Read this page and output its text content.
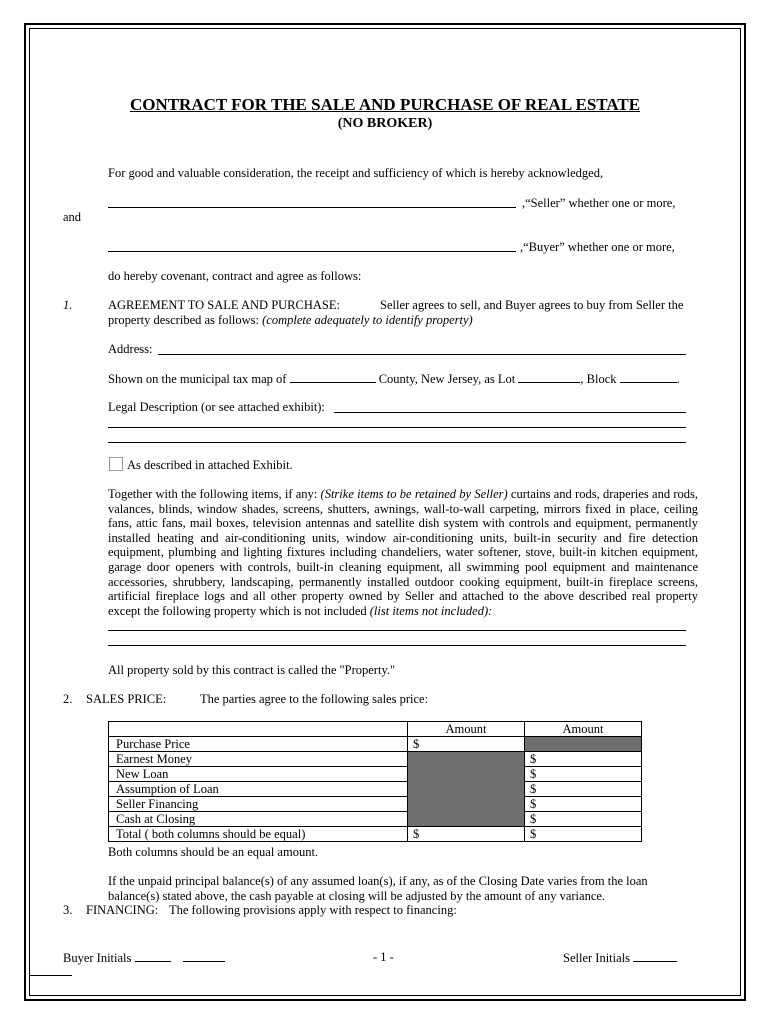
CONTRACT FOR THE SALE AND PURCHASE OF REAL ESTATE
(NO BROKER)
For good and valuable consideration, the receipt and sufficiency of which is hereby acknowledged,
,“Seller” whether one or more,
and
,“Buyer” whether one or more,
do hereby covenant, contract and agree as follows:
1.	AGREEMENT TO SALE AND PURCHASE:	Seller agrees to sell, and Buyer agrees to buy from Seller the
property described as follows: (complete adequately to identify property)
Address:
Shown on the municipal tax map of	County, New Jersey, as Lot	, Block	.
Legal Description (or see attached exhibit):
As described in attached Exhibit.
Together with the following items, if any: (Strike items to be retained by Seller) curtains and rods, draperies and rods, valances, blinds, window shades, screens, shutters, awnings, wall-to-wall carpeting, mirrors fixed in place, ceiling fans, attic fans, mail boxes, television antennas and satellite dish system with controls and equipment, permanently installed heating and air-conditioning units, window air-conditioning units, built-in security and fire detection equipment, plumbing and lighting fixtures including chandeliers, water softener, stove, built-in kitchen equipment, garage door openers with controls, built-in cleaning equipment, all swimming pool equipment and maintenance accessories, shrubbery, landscaping, permanently installed outdoor cooking equipment, built-in fireplace screens, artificial fireplace logs and all other property owned by Seller and attached to the above described real property except the following property which is not included (list items not included):
All property sold by this contract is called the "Property."
2. SALES PRICE:	The parties agree to the following sales price:
	Amount	Amount
Purchase Price	$	
Earnest Money		$
New Loan		$
Assumption of Loan		$
Seller Financing		$
Cash at Closing		$
Total ( both columns should be equal)	$	$
Both columns should be an equal amount.
If the unpaid principal balance(s) of any assumed loan(s), if any, as of the Closing Date varies from the loan balance(s) stated above, the cash payable at closing will be adjusted by the amount of any variance.
3. FINANCING: The following provisions apply with respect to financing:
Buyer Initials	- 1 -	Seller Initials
